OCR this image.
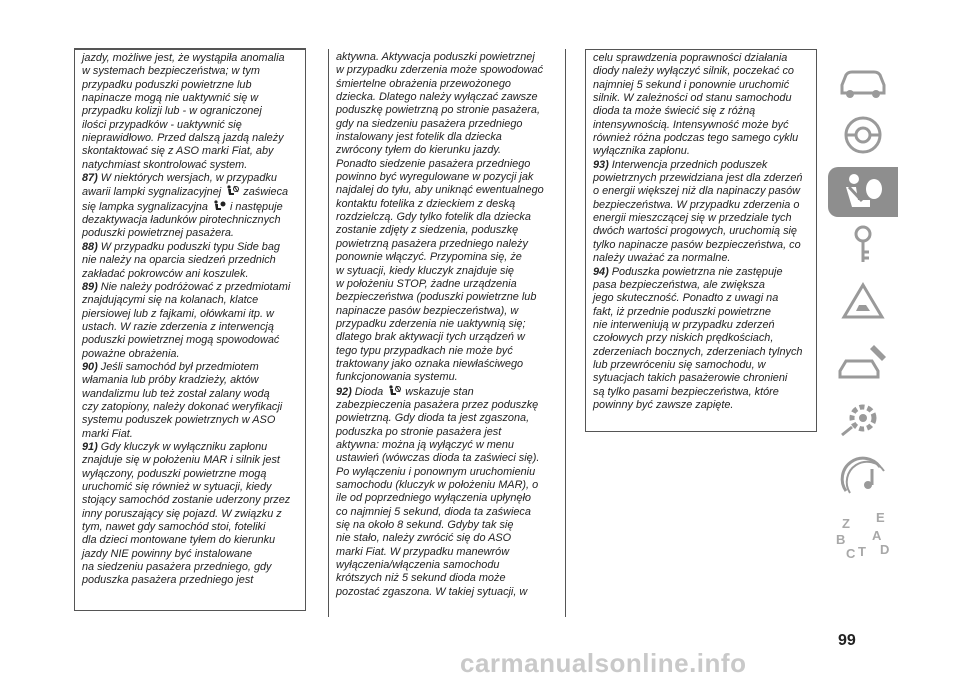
jazdy, możliwe jest, że wystąpiła anomalia

w systemach bezpieczeństwa; w tym

przypadku poduszki powietrzne lub

napinacze mogą nie uaktywnić się w

przypadku kolizji lub - w ograniczonej

ilości przypadków - uaktywnić się

nieprawidłowo. Przed dalszą jazdą należy

skontaktować się z ASO marki Fiat, aby

natychmiast skontrolować system.

87) W niektórych wersjach, w przypadku

awarii lampki sygnalizacyjnej  zaświeca

się lampka sygnalizacyjna  i następuje

dezaktywacja ładunków pirotechnicznych

poduszki powietrznej pasażera.

88) W przypadku poduszki typu Side bag

nie należy na oparcia siedzeń przednich

zakładać pokrowców ani koszulek.

89) Nie należy podróżować z przedmiotami

znajdującymi się na kolanach, klatce

piersiowej lub z fajkami, ołówkami itp. w

ustach. W razie zderzenia z interwencją

poduszki powietrznej mogą spowodować

poważne obrażenia.

90) Jeśli samochód był przedmiotem

włamania lub próby kradzieży, aktów

wandalizmu lub też został zalany wodą

czy zatopiony, należy dokonać weryfikacji

systemu poduszek powietrznych w ASO

marki Fiat.

91) Gdy kluczyk w wyłączniku zapłonu

znajduje się w położeniu MAR i silnik jest

wyłączony, poduszki powietrzne mogą

uruchomić się również w sytuacji, kiedy

stojący samochód zostanie uderzony przez

inny poruszający się pojazd. W związku z

tym, nawet gdy samochód stoi, foteliki

dla dzieci montowane tyłem do kierunku

jazdy NIE powinny być instalowane

na siedzeniu pasażera przedniego, gdy

poduszka pasażera przedniego jest

aktywna. Aktywacja poduszki powietrznej

w przypadku zderzenia może spowodować

śmiertelne obrażenia przewożonego

dziecka. Dlatego należy wyłączać zawsze

poduszkę powietrzną po stronie pasażera,

gdy na siedzeniu pasażera przedniego

instalowany jest fotelik dla dziecka

zwrócony tyłem do kierunku jazdy.

Ponadto siedzenie pasażera przedniego

powinno być wyregulowane w pozycji jak

najdalej do tyłu, aby uniknąć ewentualnego

kontaktu fotelika z dzieckiem z deską

rozdzielczą. Gdy tylko fotelik dla dziecka

zostanie zdjęty z siedzenia, poduszkę

powietrzną pasażera przedniego należy

ponownie włączyć. Przypomina się, że

w sytuacji, kiedy kluczyk znajduje się

w położeniu STOP, żadne urządzenia

bezpieczeństwa (poduszki powietrzne lub

napinacze pasów bezpieczeństwa), w

przypadku zderzenia nie uaktywnią się;

dlatego brak aktywacji tych urządzeń w

tego typu przypadkach nie może być

traktowany jako oznaka niewłaściwego

funkcjonowania systemu.

92) Dioda  wskazuje stan

zabezpieczenia pasażera przez poduszkę

powietrzną. Gdy dioda ta jest zgaszona,

poduszka po stronie pasażera jest

aktywna: można ją wyłączyć w menu

ustawień (wówczas dioda ta zaświeci się).

Po wyłączeniu i ponownym uruchomieniu

samochodu (kluczyk w położeniu MAR), o

ile od poprzedniego wyłączenia upłynęło

co najmniej 5 sekund, dioda ta zaświeca

się na około 8 sekund. Gdyby tak się

nie stało, należy zwrócić się do ASO

marki Fiat. W przypadku manewrów

wyłączenia/włączenia samochodu

krótszych niż 5 sekund dioda może

pozostać zgaszona. W takiej sytuacji, w

celu sprawdzenia poprawności działania

diody należy wyłączyć silnik, poczekać co

najmniej 5 sekund i ponownie uruchomić

silnik. W zależności od stanu samochodu

dioda ta może świecić się z różną

intensywnością. Intensywność może być

również różna podczas tego samego cyklu

wyłącznika zapłonu.

93) Interwencja przednich poduszek

powietrznych przewidziana jest dla zderzeń

o energii większej niż dla napinaczy pasów

bezpieczeństwa. W przypadku zderzenia o

energii mieszczącej się w przedziale tych

dwóch wartości progowych, uruchomią się

tylko napinacze pasów bezpieczeństwa, co

należy uważać za normalne.

94) Poduszka powietrzna nie zastępuje

pasa bezpieczeństwa, ale zwiększa

jego skuteczność. Ponadto z uwagi na

fakt, iż przednie poduszki powietrzne

nie interweniują w przypadku zderzeń

czołowych przy niskich prędkościach,

zderzeniach bocznych, zderzeniach tylnych

lub przewróceniu się samochodu, w

sytuacjach takich pasażerowie chronieni

są tylko pasami bezpieczeństwa, które

powinny być zawsze zapięte.

Z E
B A
C T D
99
carmanualsonline.info
